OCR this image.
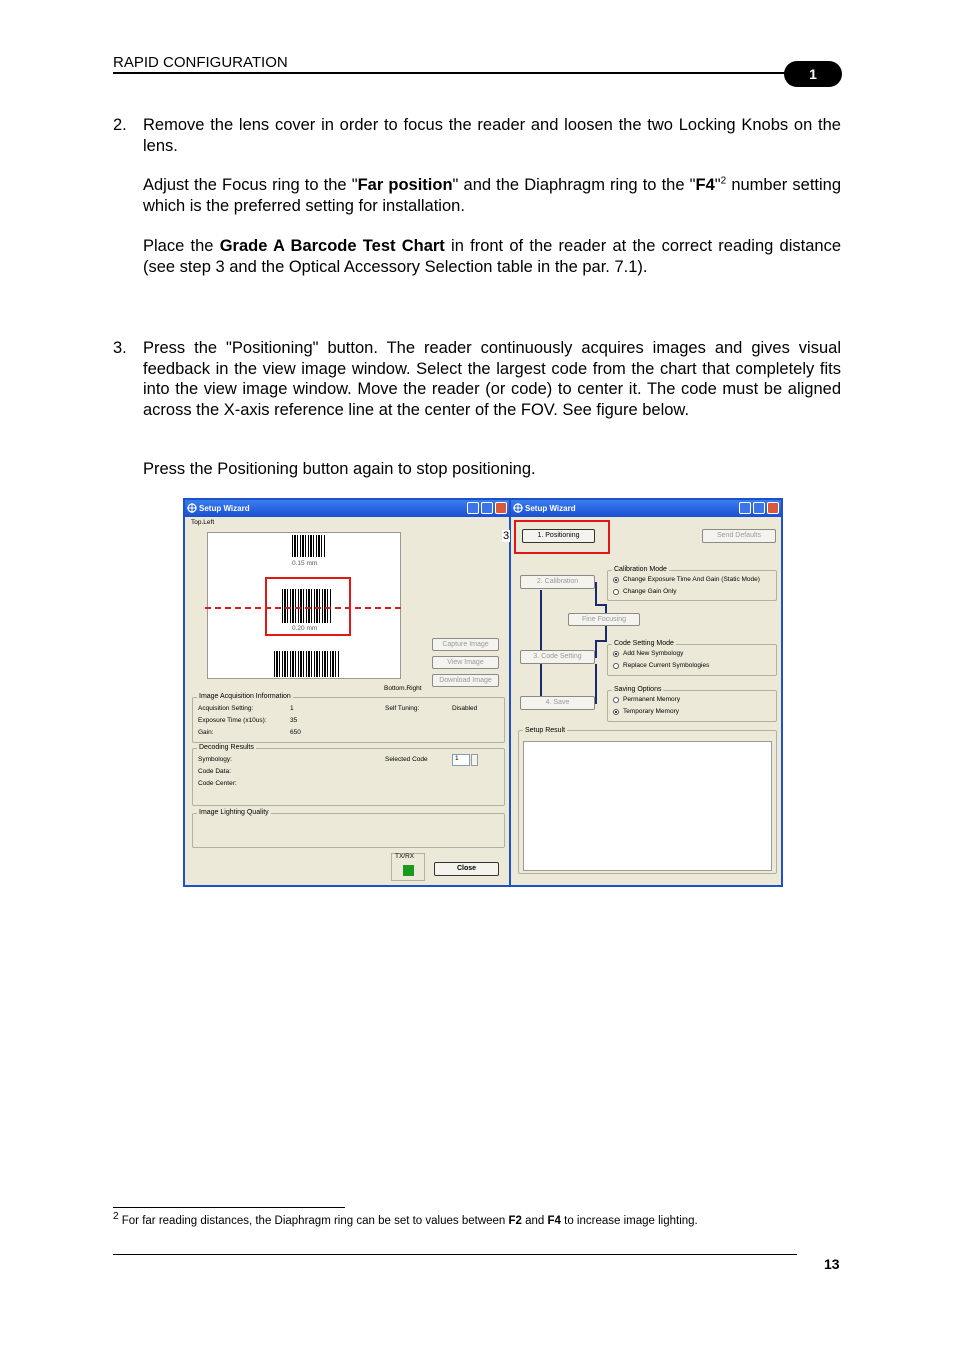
RAPID CONFIGURATION
1
2. Remove the lens cover in order to focus the reader and loosen the two Locking Knobs on the lens.
Adjust the Focus ring to the "Far position" and the Diaphragm ring to the "F4"$^2$ number setting which is the preferred setting for installation.
Place the Grade A Barcode Test Chart in front of the reader at the correct reading distance (see step 3 and the Optical Accessory Selection table in the par. 7.1).
3. Press the "Positioning" button. The reader continuously acquires images and gives visual feedback in the view image window. Select the largest code from the chart that completely fits into the view image window. Move the reader (or code) to center it. The code must be aligned across the X-axis reference line at the center of the FOV. See figure below.
Press the Positioning button again to stop positioning.
Setup Wizard
Top.Left
0.15 mm
0.20 mm
Capture Image
View Image
Download Image
Bottom.Right
Image Acquisition Information
Acquisition Setting:	1	Self Tuning:	Disabled
Exposure Time (x10us):	35
Gain:	650
Decoding Results
Symbology:	Selected Code	1
Code Data:
Code Center:
Image Lighting Quality
TX/RX
Close
Setup Wizard
1. Positioning
3	Send Defaults
2. Calibration
Fine Focusing
3. Code Setting
4. Save
Calibration Mode
Change Exposure Time And Gain (Static Mode)
Change Gain Only
Code Setting Mode
Add New Symbology
Replace Current Symbologies
Saving Options
Permanent Memory
Temporary Memory
Setup Result
$^2$ For far reading distances, the Diaphragm ring can be set to values between F2 and F4 to increase image lighting.
13
